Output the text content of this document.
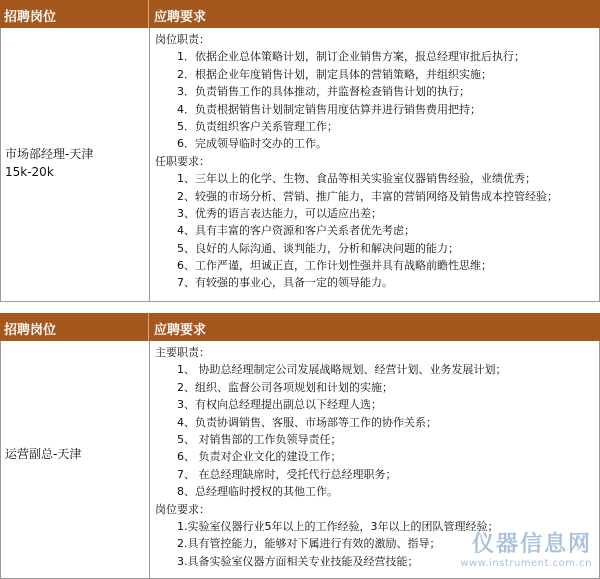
招聘岗位	应聘要求
市场部经理-天津
15k-20k
岗位职责：
1．依据企业总体策略计划，制订企业销售方案，报总经理审批后执行；
2．根据企业年度销售计划，制定具体的营销策略，并组织实施；
3．负责销售工作的具体推动，并监督检查销售计划的执行；
4．负责根据销售计划制定销售用度估算并进行销售费用把持；
5．负责组织客户关系管理工作；
6．完成领导临时交办的工作。
任职要求：
1、三年以上的化学、生物、食品等相关实验室仪器销售经验，业绩优秀；
2、较强的市场分析、营销、推广能力，丰富的营销网络及销售成本控管经验；
3、优秀的语言表达能力，可以适应出差；
4、具有丰富的客户资源和客户关系者优先考虑；
5、良好的人际沟通、谈判能力，分析和解决问题的能力；
6、工作严谨，坦诚正直，工作计划性强并具有战略前瞻性思维；
7、有较强的事业心，具备一定的领导能力。
招聘岗位	应聘要求
运营副总-天津
主要职责：
1、 协助总经理制定公司发展战略规划、经营计划、业务发展计划；
2、组织、监督公司各项规划和计划的实施；
3、有权向总经理提出副总以下经理人选；
4、负责协调销售、客服、市场部等工作的协作关系；
5、 对销售部的工作负领导责任；
6、 负责对企业文化的建设工作；
7、 在总经理缺席时，受托代行总经理职务；
8、总经理临时授权的其他工作。
岗位要求：
1.实验室仪器行业5年以上的工作经验，3年以上的团队管理经验；
2.具有管控能力，能够对下属进行有效的激励、指导；
3.具备实验室仪器方面相关专业技能及经营技能；
仪器信息网
www.instrument.com.cn
